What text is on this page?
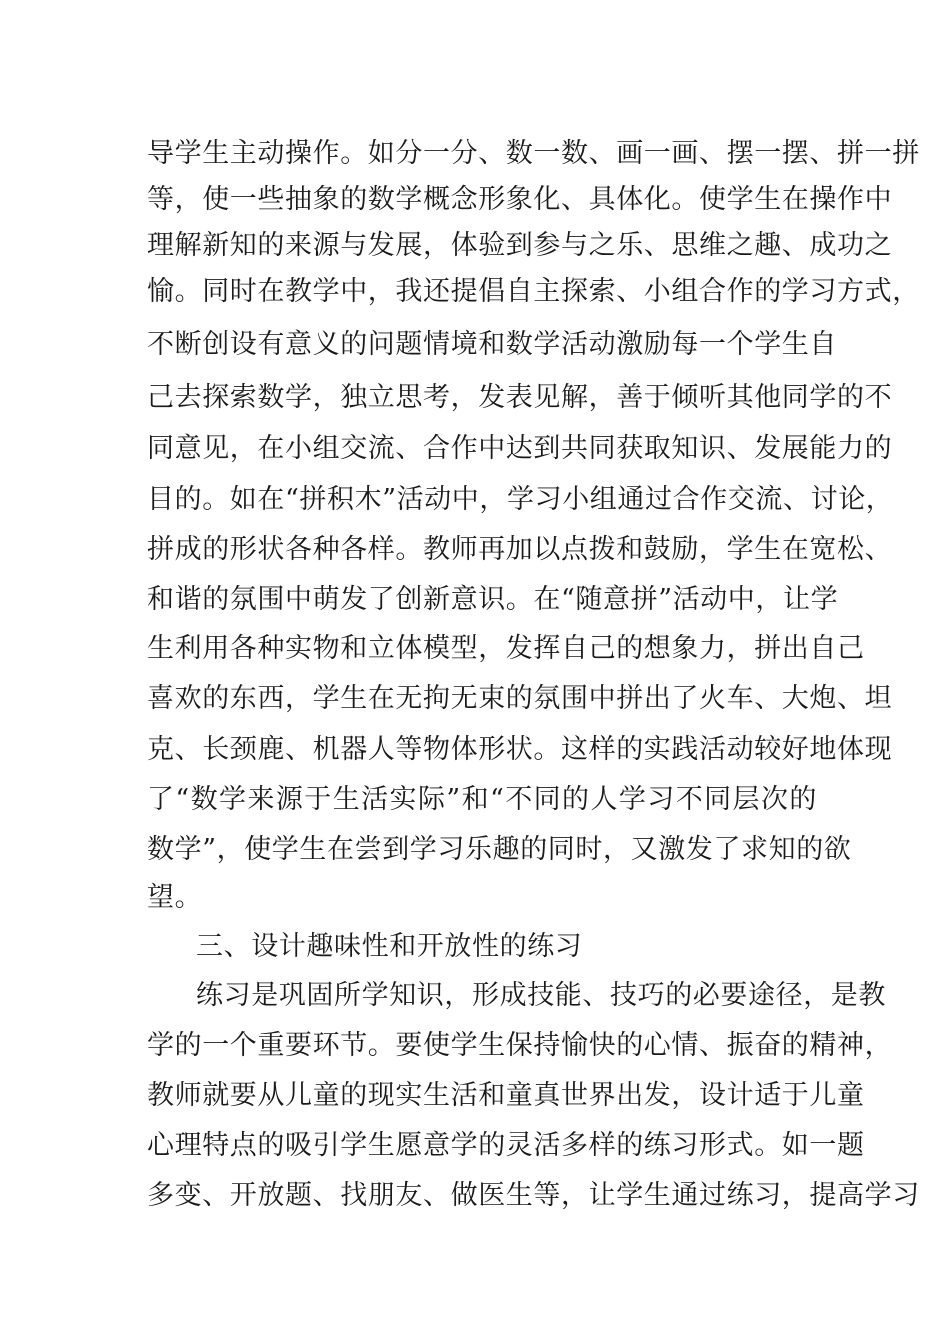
导学生主动操作。如分一分、数一数、画一画、摆一摆、拼一拼
等，使一些抽象的数学概念形象化、具体化。使学生在操作中
理解新知的来源与发展，体验到参与之乐、思维之趣、成功之
愉。同时在教学中，我还提倡自主探索、小组合作的学习方式，
不断创设有意义的问题情境和数学活动激励每一个学生自
己去探索数学，独立思考，发表见解，善于倾听其他同学的不
同意见，在小组交流、合作中达到共同获取知识、发展能力的
目的。如在“拼积木”活动中，学习小组通过合作交流、讨论，
拼成的形状各种各样。教师再加以点拨和鼓励，学生在宽松、
和谐的氛围中萌发了创新意识。在“随意拼”活动中，让学
生利用各种实物和立体模型，发挥自己的想象力，拼出自己
喜欢的东西，学生在无拘无束的氛围中拼出了火车、大炮、坦
克、长颈鹿、机器人等物体形状。这样的实践活动较好地体现
了“数学来源于生活实际”和“不同的人学习不同层次的
数学”，使学生在尝到学习乐趣的同时，又激发了求知的欲
望。
三、设计趣味性和开放性的练习
练习是巩固所学知识，形成技能、技巧的必要途径，是教
学的一个重要环节。要使学生保持愉快的心情、振奋的精神，
教师就要从儿童的现实生活和童真世界出发，设计适于儿童
心理特点的吸引学生愿意学的灵活多样的练习形式。如一题
多变、开放题、找朋友、做医生等，让学生通过练习，提高学习
